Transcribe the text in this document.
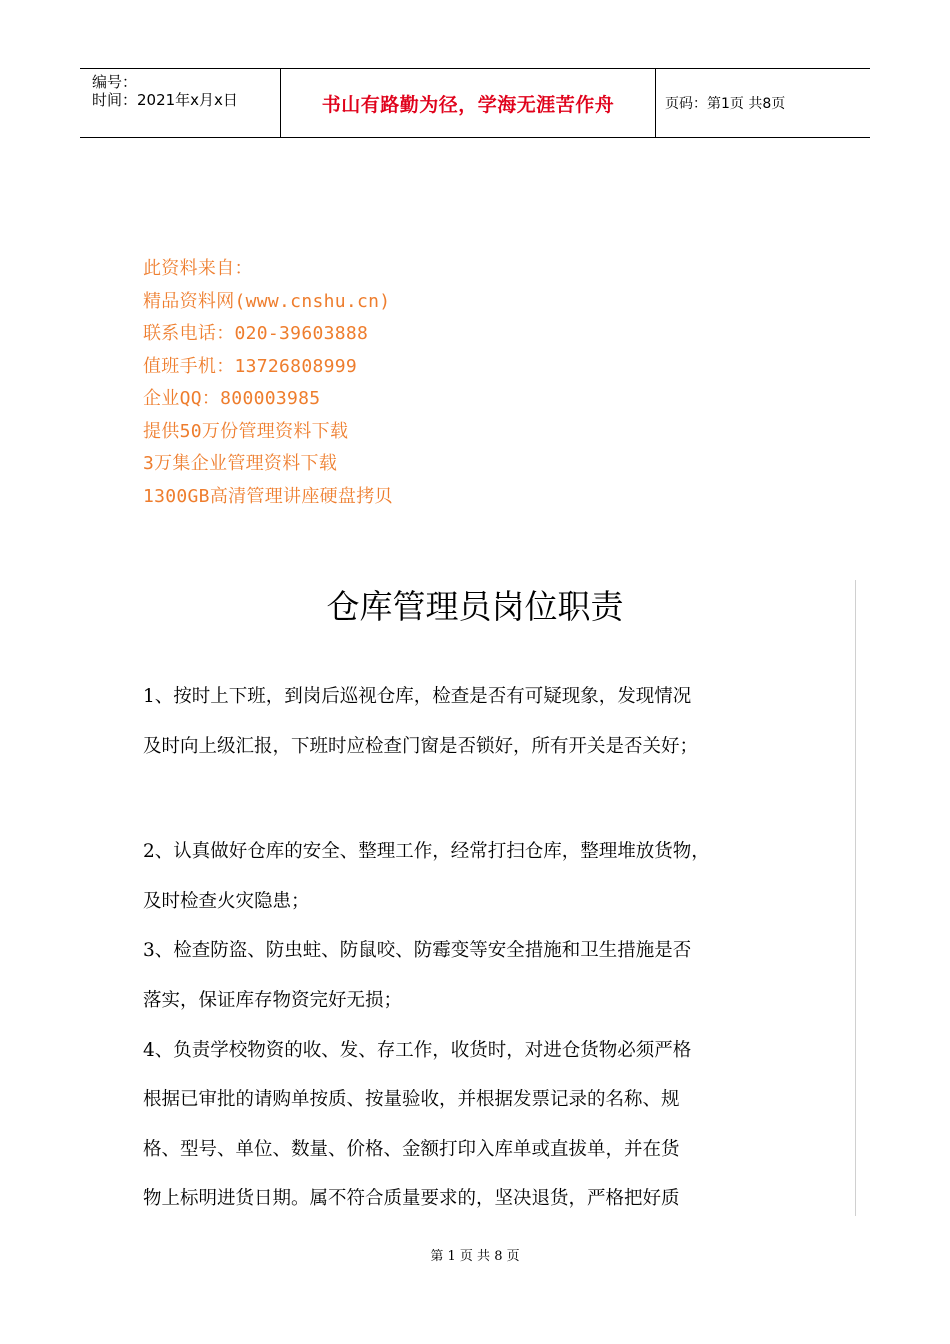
编号：
时间：2021年x月x日	书山有路勤为径，学海无涯苦作舟	页码：第1页 共8页
此资料来自：
精品资料网(www.cnshu.cn)
联系电话：020-39603888
值班手机：13726808999
企业QQ：800003985
提供50万份管理资料下载
3万集企业管理资料下载
1300GB高清管理讲座硬盘拷贝
仓库管理员岗位职责

1、按时上下班，到岗后巡视仓库，检查是否有可疑现象，发现情况

及时向上级汇报，下班时应检查门窗是否锁好，所有开关是否关好；

2、认真做好仓库的安全、整理工作，经常打扫仓库，整理堆放货物，

及时检查火灾隐患；

3、检查防盗、防虫蛀、防鼠咬、防霉变等安全措施和卫生措施是否

落实，保证库存物资完好无损；

4、负责学校物资的收、发、存工作，收货时，对进仓货物必须严格

根据已审批的请购单按质、按量验收，并根据发票记录的名称、规

格、型号、单位、数量、价格、金额打印入库单或直拔单，并在货

物上标明进货日期。属不符合质量要求的，坚决退货，严格把好质

第 1 页 共 8 页
